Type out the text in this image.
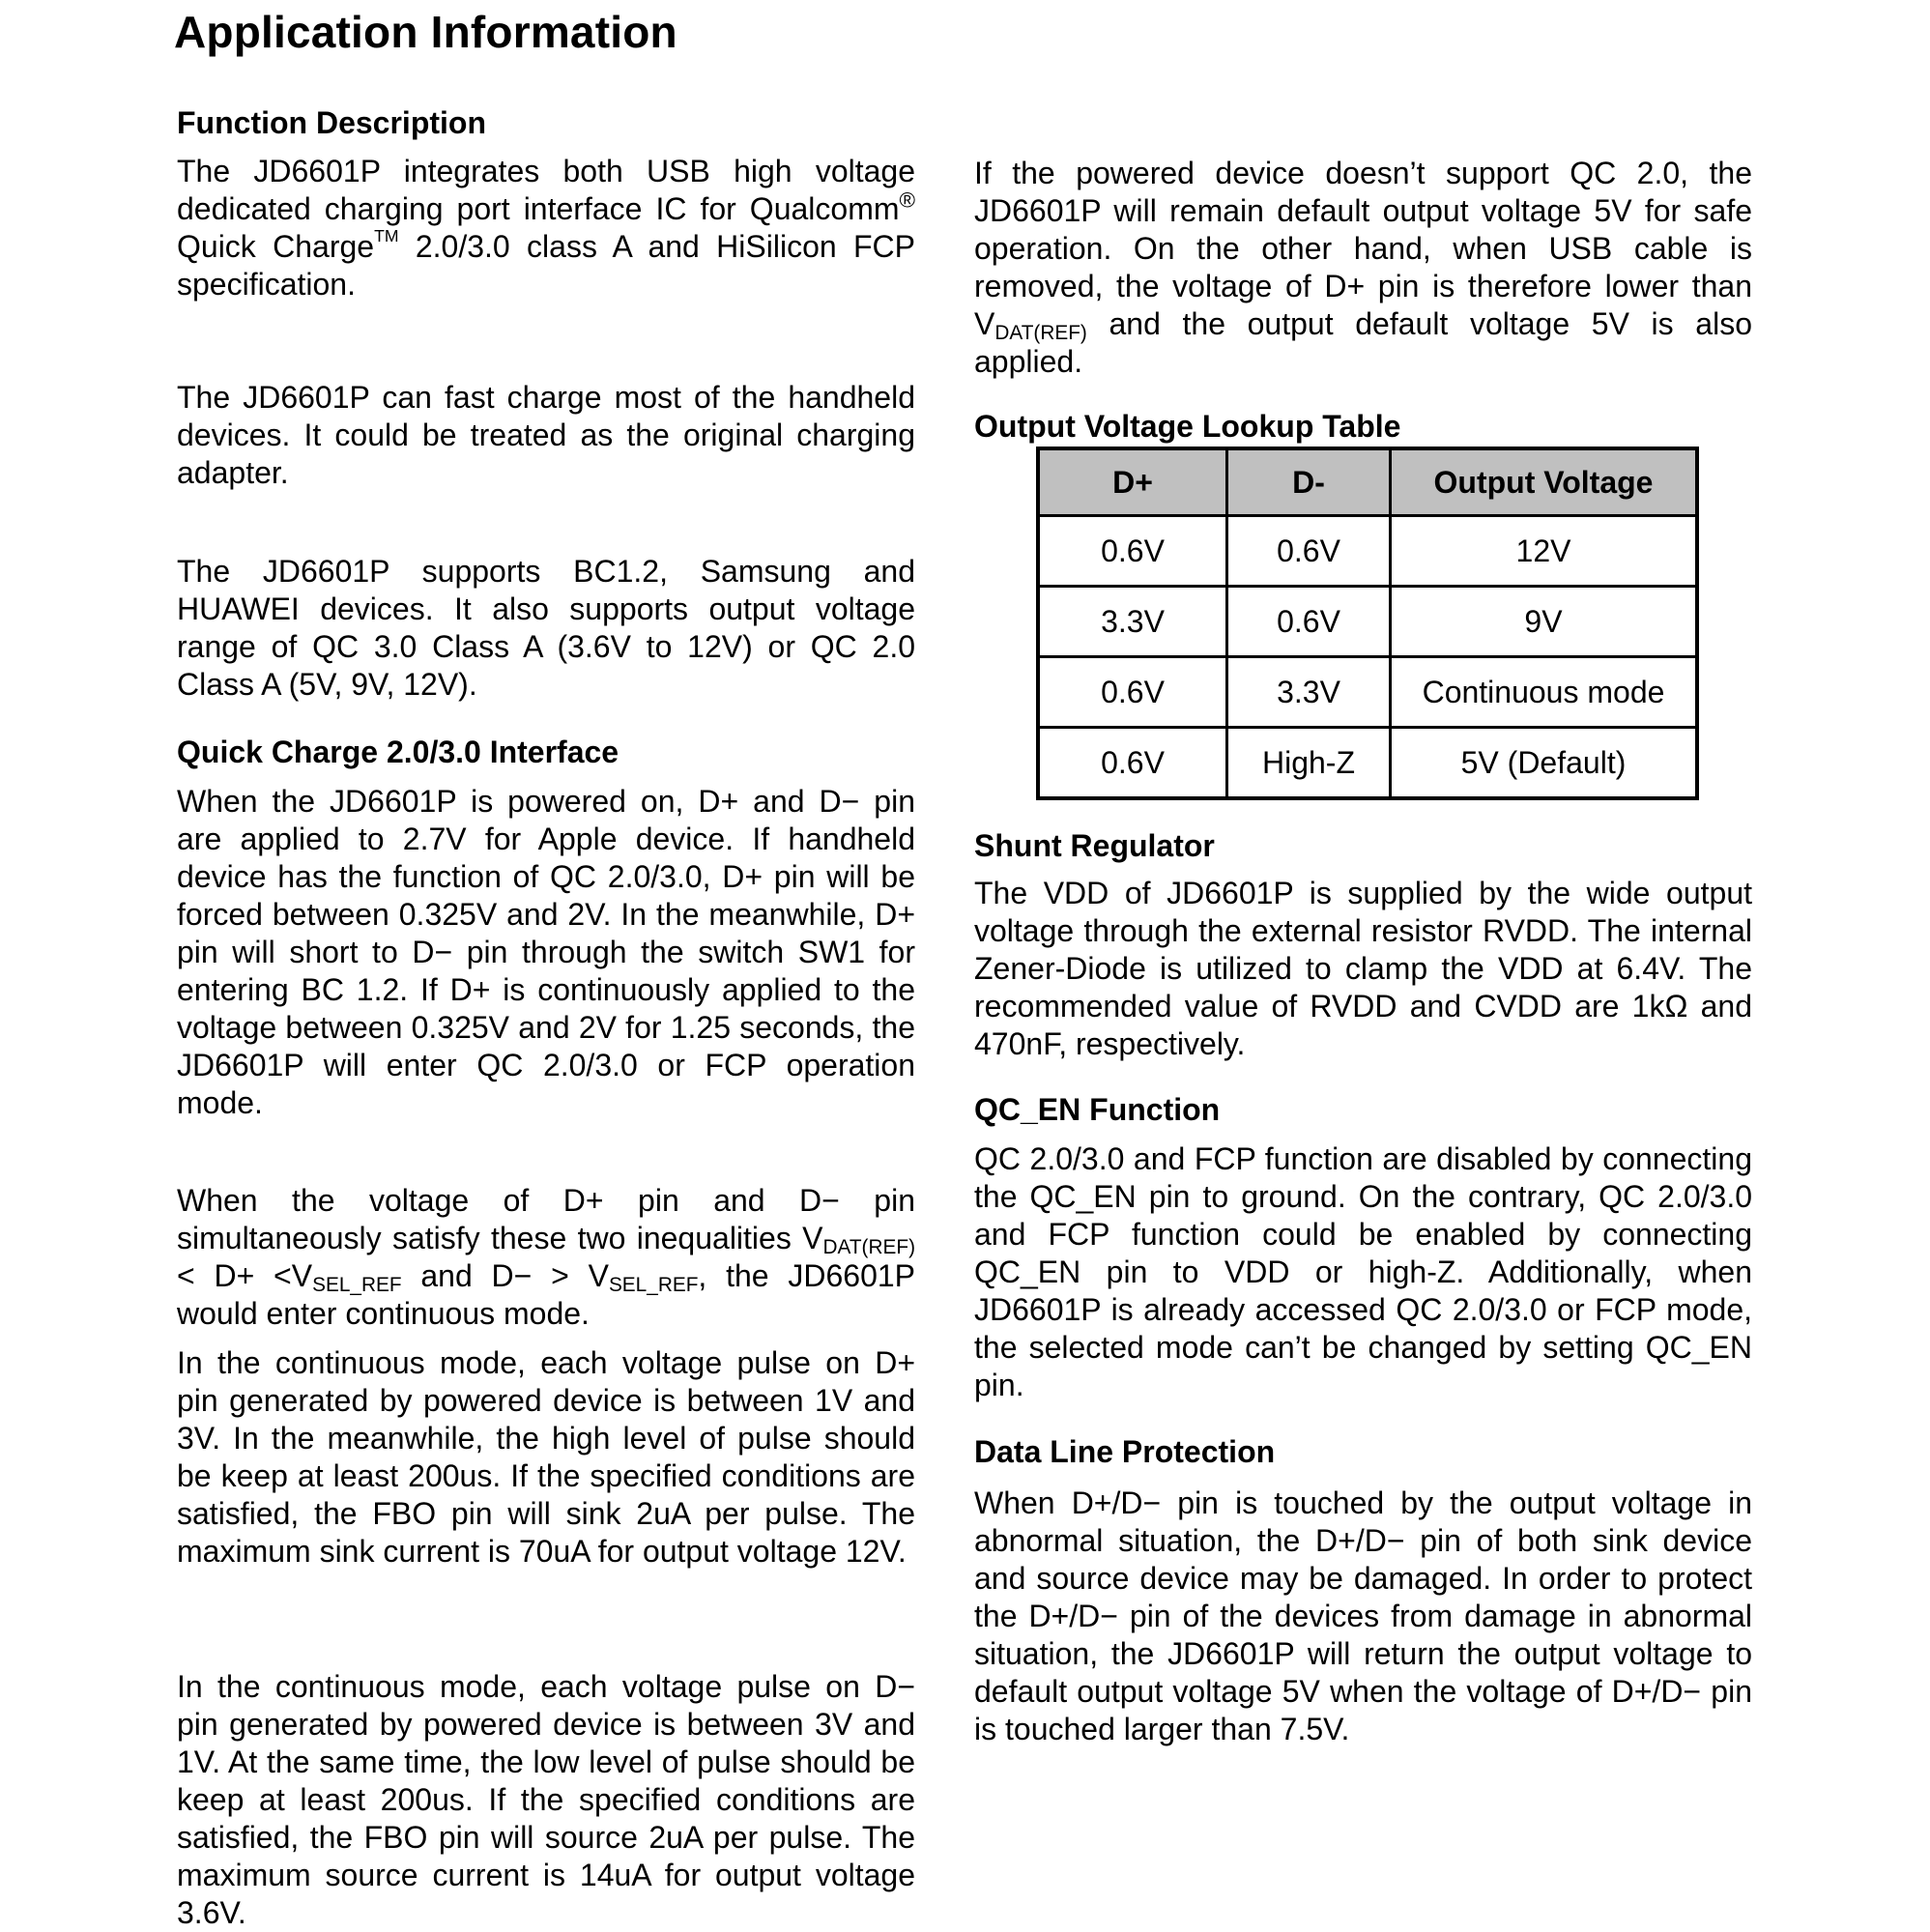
Application Information
Function Description

The JD6601P integrates both USB high voltage dedicated charging port interface IC for Qualcomm® Quick Charge™ 2.0/3.0 class A and HiSilicon FCP specification.

The JD6601P can fast charge most of the handheld devices. It could be treated as the original charging adapter.

The JD6601P supports BC1.2, Samsung and HUAWEI devices. It also supports output voltage range of QC 3.0 Class A (3.6V to 12V) or QC 2.0 Class A (5V, 9V, 12V).

Quick Charge 2.0/3.0 Interface

When the JD6601P is powered on, D+ and D− pin are applied to 2.7V for Apple device. If handheld device has the function of QC 2.0/3.0, D+ pin will be forced between 0.325V and 2V. In the meanwhile, D+ pin will short to D− pin through the switch SW1 for entering BC 1.2. If D+ is continuously applied to the voltage between 0.325V and 2V for 1.25 seconds, the JD6601P will enter QC 2.0/3.0 or FCP operation mode.

When the voltage of D+ pin and D− pin simultaneously satisfy these two inequalities $V_{DAT(REF)}< D+ <V_{SEL\_REF}$ and $D- > V_{SEL\_REF}$, the JD6601P would enter continuous mode.

In the continuous mode, each voltage pulse on D+ pin generated by powered device is between 1V and 3V. In the meanwhile, the high level of pulse should be keep at least 200us. If the specified conditions are satisfied, the FBO pin will sink 2uA per pulse. The maximum sink current is 70uA for output voltage 12V.

In the continuous mode, each voltage pulse on D− pin generated by powered device is between 3V and 1V. At the same time, the low level of pulse should be keep at least 200us. If the specified conditions are satisfied, the FBO pin will source 2uA per pulse. The maximum source current is 14uA for output voltage 3.6V.

If the powered device doesn’t support QC 2.0, the JD6601P will remain default output voltage 5V for safe operation. On the other hand, when USB cable is removed, the voltage of D+ pin is therefore lower than $V_{DAT(REF)}$ and the output default voltage 5V is also applied.

Output Voltage Lookup Table
D+	D-	Output Voltage
0.6V	0.6V	12V
3.3V	0.6V	9V
0.6V	3.3V	Continuous mode
0.6V	High-Z	5V (Default)
Shunt Regulator

The VDD of JD6601P is supplied by the wide output voltage through the external resistor RVDD. The internal Zener-Diode is utilized to clamp the VDD at 6.4V. The recommended value of RVDD and CVDD are 1kΩ and 470nF, respectively.

QC_EN Function

QC 2.0/3.0 and FCP function are disabled by connecting the QC_EN pin to ground. On the contrary, QC 2.0/3.0 and FCP function could be enabled by connecting QC_EN pin to VDD or high-Z. Additionally, when JD6601P is already accessed QC 2.0/3.0 or FCP mode, the selected mode can’t be changed by setting QC_EN pin.

Data Line Protection

When D+/D− pin is touched by the output voltage in abnormal situation, the D+/D− pin of both sink device and source device may be damaged. In order to protect the D+/D− pin of the devices from damage in abnormal situation, the JD6601P will return the output voltage to default output voltage 5V when the voltage of D+/D− pin is touched larger than 7.5V.
